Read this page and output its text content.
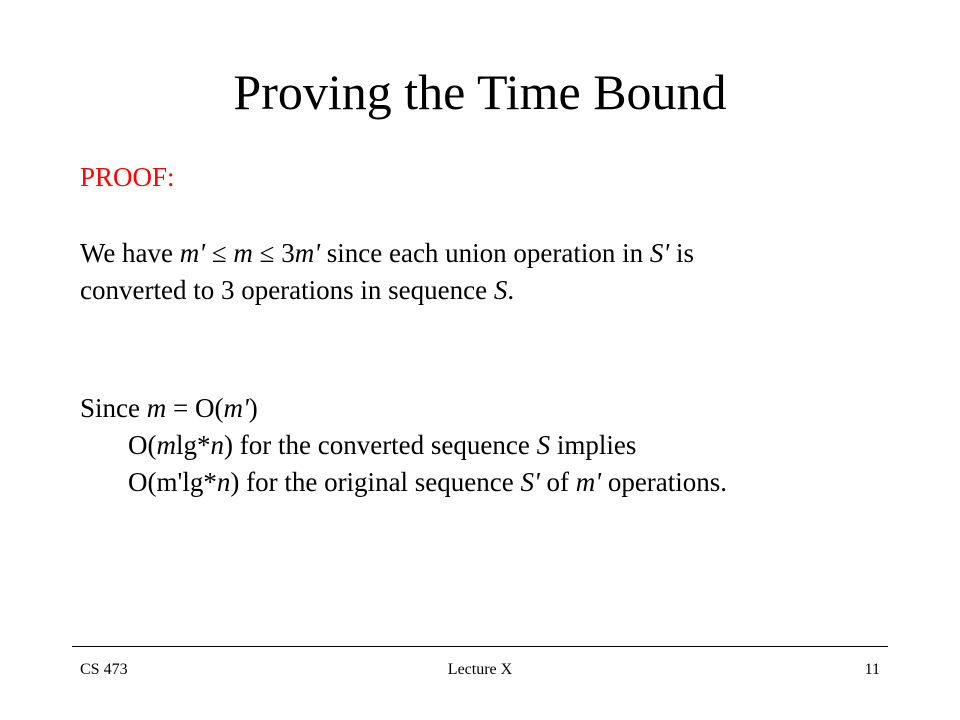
Proving the Time Bound
PROOF:
We have m' ≤ m ≤ 3m' since each union operation in S' is
converted to 3 operations in sequence S.
Since m = O(m')
O(mlg*n) for the converted sequence S implies
O(m'lg*n) for the original sequence S' of m' operations.
CS 473	Lecture X	11
